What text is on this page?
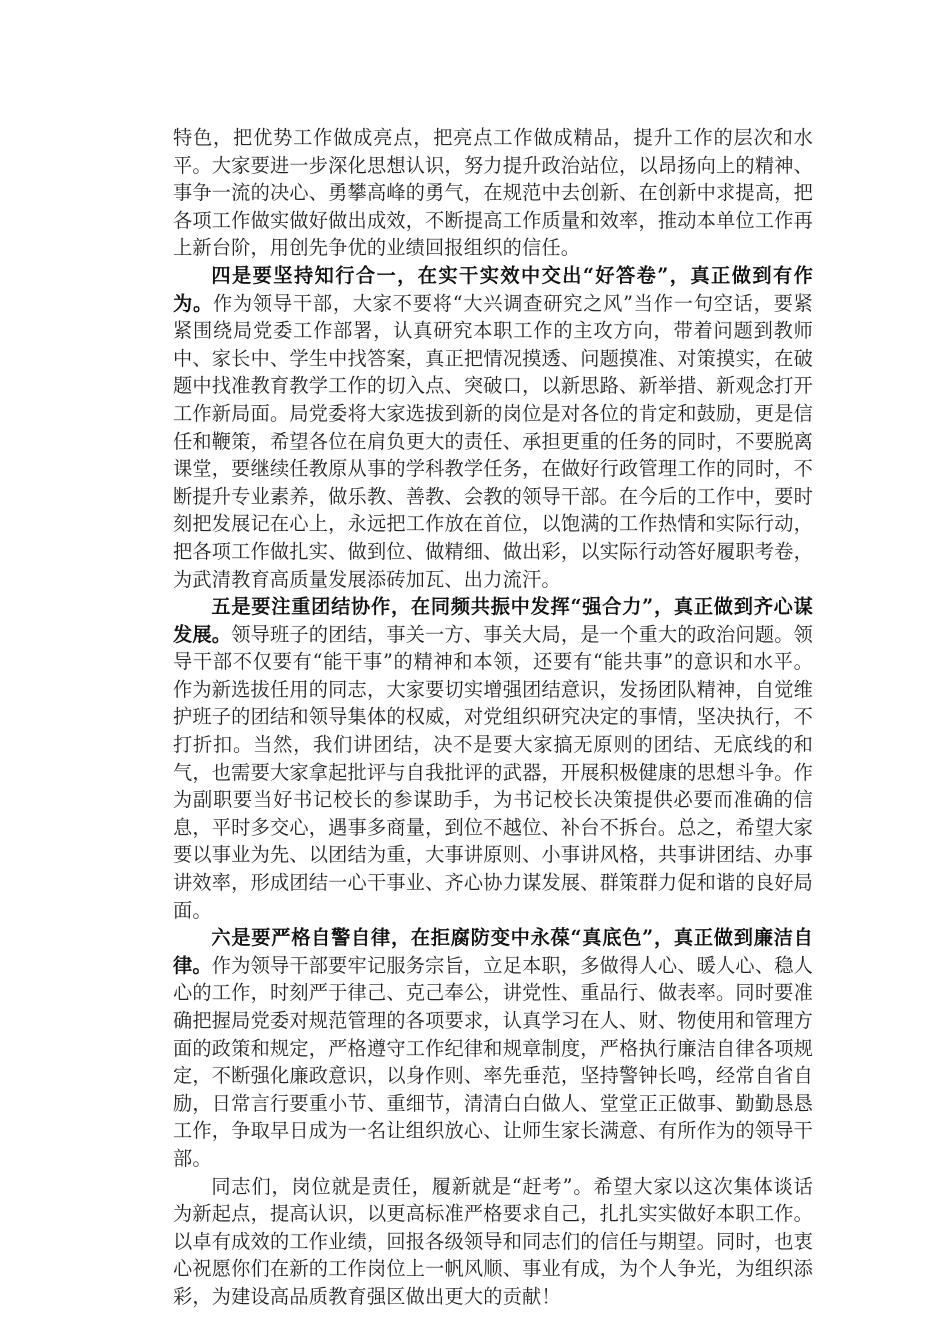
特色，把优势工作做成亮点，把亮点工作做成精品，提升工作的层次和水平。大家要进一步深化思想认识，努力提升政治站位，以昂扬向上的精神、事争一流的决心、勇攀高峰的勇气，在规范中去创新、在创新中求提高，把各项工作做实做好做出成效，不断提高工作质量和效率，推动本单位工作再上新台阶，用创先争优的业绩回报组织的信任。

四是要坚持知行合一，在实干实效中交出“好答卷”，真正做到有作为。作为领导干部，大家不要将“大兴调查研究之风”当作一句空话，要紧紧围绕局党委工作部署，认真研究本职工作的主攻方向，带着问题到教师中、家长中、学生中找答案，真正把情况摸透、问题摸准、对策摸实，在破题中找准教育教学工作的切入点、突破口，以新思路、新举措、新观念打开工作新局面。局党委将大家选拔到新的岗位是对各位的肯定和鼓励，更是信任和鞭策，希望各位在肩负更大的责任、承担更重的任务的同时，不要脱离课堂，要继续任教原从事的学科教学任务，在做好行政管理工作的同时，不断提升专业素养，做乐教、善教、会教的领导干部。在今后的工作中，要时刻把发展记在心上，永远把工作放在首位，以饱满的工作热情和实际行动，把各项工作做扎实、做到位、做精细、做出彩，以实际行动答好履职考卷，为武清教育高质量发展添砖加瓦、出力流汗。

五是要注重团结协作，在同频共振中发挥“强合力”，真正做到齐心谋发展。领导班子的团结，事关一方、事关大局，是一个重大的政治问题。领导干部不仅要有“能干事”的精神和本领，还要有“能共事”的意识和水平。作为新选拔任用的同志，大家要切实增强团结意识，发扬团队精神，自觉维护班子的团结和领导集体的权威，对党组织研究决定的事情，坚决执行，不打折扣。当然，我们讲团结，决不是要大家搞无原则的团结、无底线的和气，也需要大家拿起批评与自我批评的武器，开展积极健康的思想斗争。作为副职要当好书记校长的参谋助手，为书记校长决策提供必要而准确的信息，平时多交心，遇事多商量，到位不越位、补台不拆台。总之，希望大家要以事业为先、以团结为重，大事讲原则、小事讲风格，共事讲团结、办事讲效率，形成团结一心干事业、齐心协力谋发展、群策群力促和谐的良好局面。

六是要严格自警自律，在拒腐防变中永葆“真底色”，真正做到廉洁自律。作为领导干部要牢记服务宗旨，立足本职，多做得人心、暖人心、稳人心的工作，时刻严于律己、克己奉公，讲党性、重品行、做表率。同时要准确把握局党委对规范管理的各项要求，认真学习在人、财、物使用和管理方面的政策和规定，严格遵守工作纪律和规章制度，严格执行廉洁自律各项规定，不断强化廉政意识，以身作则、率先垂范，坚持警钟长鸣，经常自省自励，日常言行要重小节、重细节，清清白白做人、堂堂正正做事、勤勤恳恳工作，争取早日成为一名让组织放心、让师生家长满意、有所作为的领导干部。

同志们，岗位就是责任，履新就是“赶考”。希望大家以这次集体谈话为新起点，提高认识，以更高标准严格要求自己，扎扎实实做好本职工作。以卓有成效的工作业绩，回报各级领导和同志们的信任与期望。同时，也衷心祝愿你们在新的工作岗位上一帆风顺、事业有成，为个人争光，为组织添彩，为建设高品质教育强区做出更大的贡献！
